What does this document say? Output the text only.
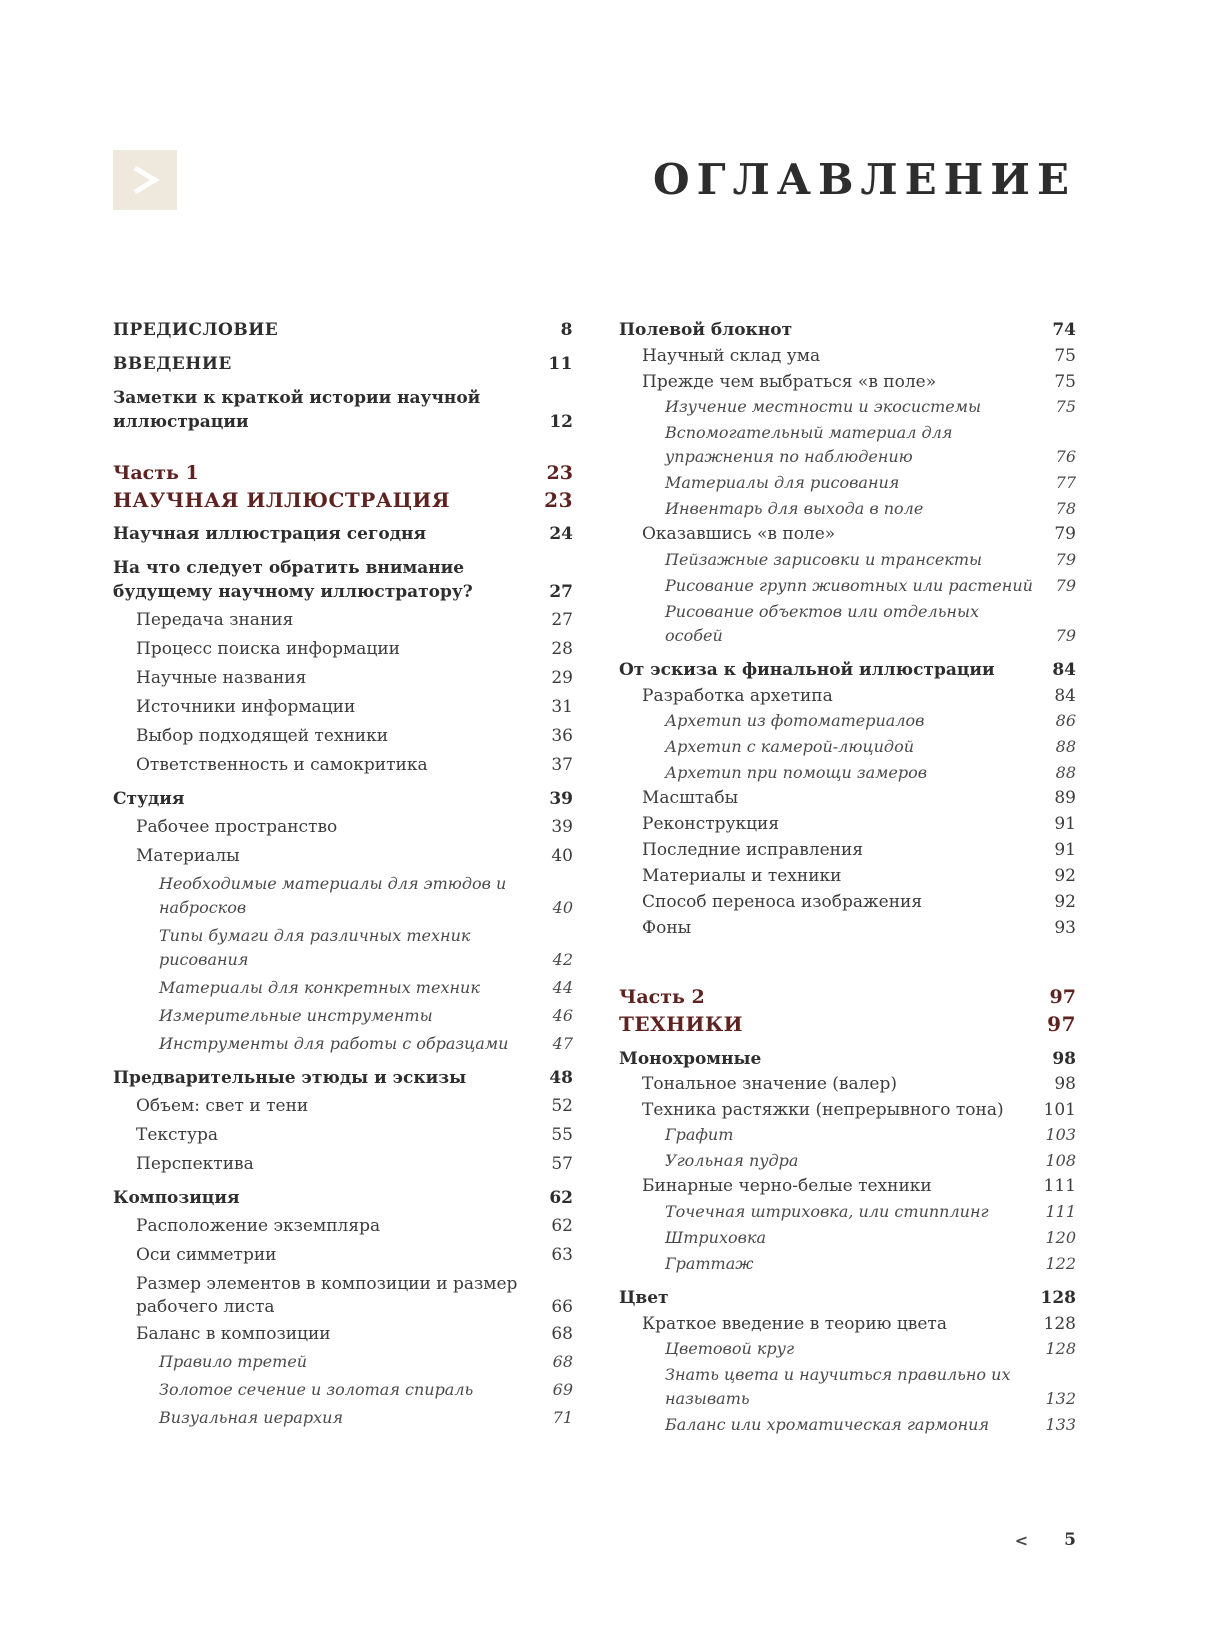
ОГЛАВЛЕНИЕ
ПРЕДИСЛОВИЕ	8
ВВЕДЕНИЕ	11
Заметки к краткой истории научной иллюстрации	12
Часть 1	23
НАУЧНАЯ ИЛЛЮСТРАЦИЯ	23
Научная иллюстрация сегодня	24
На что следует обратить внимание будущему научному иллюстратору?	27
Передача знания	27
Процесс поиска информации	28
Научные названия	29
Источники информации	31
Выбор подходящей техники	36
Ответственность и самокритика	37
Студия	39
Рабочее пространство	39
Материалы	40
Необходимые материалы для этюдов и набросков	40
Типы бумаги для различных техник рисования	42
Материалы для конкретных техник	44
Измерительные инструменты	46
Инструменты для работы с образцами	47
Предварительные этюды и эскизы	48
Объем: свет и тени	52
Текстура	55
Перспектива	57
Композиция	62
Расположение экземпляра	62
Оси симметрии	63
Размер элементов в композиции и размер рабочего листа	66
Баланс в композиции	68
Правило третей	68
Золотое сечение и золотая спираль	69
Визуальная иерархия	71
Полевой блокнот	74
Научный склад ума	75
Прежде чем выбраться «в поле»	75
Изучение местности и экосистемы	75
Вспомогательный материал для упражнения по наблюдению	76
Материалы для рисования	77
Инвентарь для выхода в поле	78
Оказавшись «в поле»	79
Пейзажные зарисовки и трансекты	79
Рисование групп животных или растений	79
Рисование объектов или отдельных особей	79
От эскиза к финальной иллюстрации	84
Разработка архетипа	84
Архетип из фотоматериалов	86
Архетип с камерой-люцидой	88
Архетип при помощи замеров	88
Масштабы	89
Реконструкция	91
Последние исправления	91
Материалы и техники	92
Способ переноса изображения	92
Фоны	93
Часть 2	97
ТЕХНИКИ	97
Монохромные	98
Тональное значение (валер)	98
Техника растяжки (непрерывного тона)	101
Графит	103
Угольная пудра	108
Бинарные черно-белые техники	111
Точечная штриховка, или стипплинг	111
Штриховка	120
Граттаж	122
Цвет	128
Краткое введение в теорию цвета	128
Цветовой круг	128
Знать цвета и научиться правильно их называть	132
Баланс или хроматическая гармония	133
< 5
